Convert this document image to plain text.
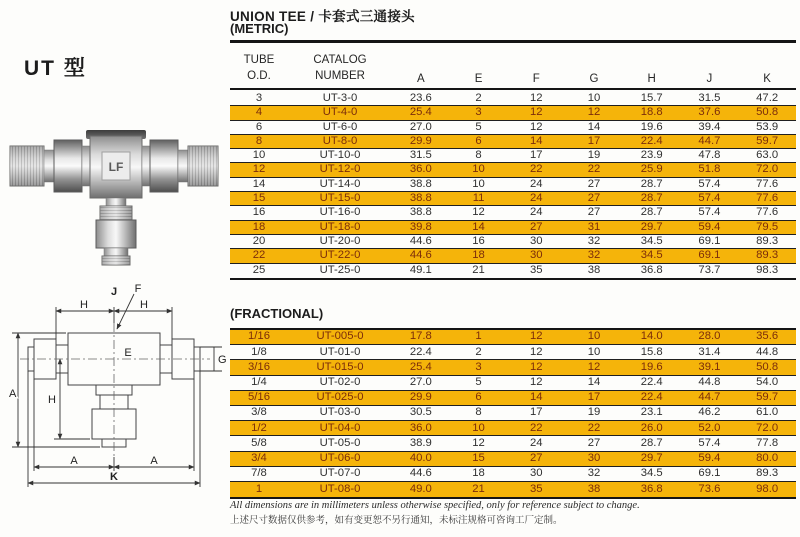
UT 型
LF
H	H
J F
E
G
A	H
A	A
K
UNION TEE / 卡套式三通接头
(METRIC)
TUBE
O.D.
CATALOG
NUMBER	A	E	F	G	H	J	K
3	UT-3-0	23.6	2	12	10	15.7	31.5	47.2
4	UT-4-0	25.4	3	12	12	18.8	37.6	50.8
6	UT-6-0	27.0	5	12	14	19.6	39.4	53.9
8	UT-8-0	29.9	6	14	17	22.4	44.7	59.7
10	UT-10-0	31.5	8	17	19	23.9	47.8	63.0
12	UT-12-0	36.0	10	22	22	25.9	51.8	72.0
14	UT-14-0	38.8	10	24	27	28.7	57.4	77.6
15	UT-15-0	38.8	11	24	27	28.7	57.4	77.6
16	UT-16-0	38.8	12	24	27	28.7	57.4	77.6
18	UT-18-0	39.8	14	27	31	29.7	59.4	79.5
20	UT-20-0	44.6	16	30	32	34.5	69.1	89.3
22	UT-22-0	44.6	18	30	32	34.5	69.1	89.3
25	UT-25-0	49.1	21	35	38	36.8	73.7	98.3
(FRACTIONAL)
1/16	UT-005-0	17.8	1	12	10	14.0	28.0	35.6
1/8	UT-01-0	22.4	2	12	10	15.8	31.4	44.8
3/16	UT-015-0	25.4	3	12	12	19.6	39.1	50.8
1/4	UT-02-0	27.0	5	12	14	22.4	44.8	54.0
5/16	UT-025-0	29.9	6	14	17	22.4	44.7	59.7
3/8	UT-03-0	30.5	8	17	19	23.1	46.2	61.0
1/2	UT-04-0	36.0	10	22	22	26.0	52.0	72.0
5/8	UT-05-0	38.9	12	24	27	28.7	57.4	77.8
3/4	UT-06-0	40.0	15	27	30	29.7	59.4	80.0
7/8	UT-07-0	44.6	18	30	32	34.5	69.1	89.3
1	UT-08-0	49.0	21	35	38	36.8	73.6	98.0
All dimensions are in millimeters unless otherwise specified, only for reference subject to change.
上述尺寸数据仅供参考，如有变更恕不另行通知，未标注规格可咨询工厂定制。
